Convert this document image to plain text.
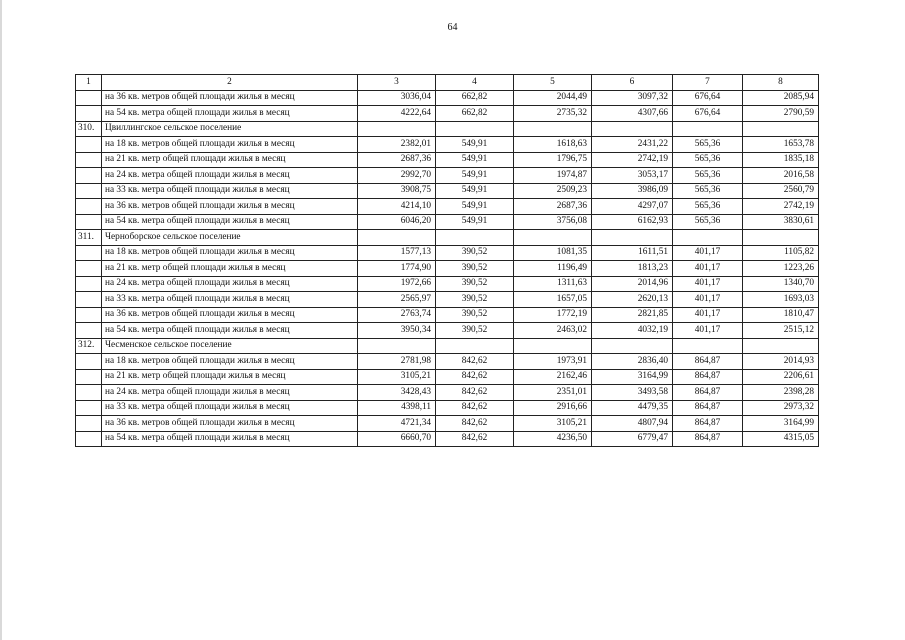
64
1	2	3	4	5	6	7	8
	на 36 кв. метров общей площади жилья в месяц	3036,04	662,82	2044,49	3097,32	676,64	2085,94
	на 54 кв. метра общей площади жилья в месяц	4222,64	662,82	2735,32	4307,66	676,64	2790,59
310.	Цвиллингское сельское поселение						
	на 18 кв. метров общей площади жилья в месяц	2382,01	549,91	1618,63	2431,22	565,36	1653,78
	на 21 кв. метр общей площади жилья в месяц	2687,36	549,91	1796,75	2742,19	565,36	1835,18
	на 24 кв. метра общей площади жилья в месяц	2992,70	549,91	1974,87	3053,17	565,36	2016,58
	на 33 кв. метра общей площади жилья в месяц	3908,75	549,91	2509,23	3986,09	565,36	2560,79
	на 36 кв. метров общей площади жилья в месяц	4214,10	549,91	2687,36	4297,07	565,36	2742,19
	на 54 кв. метра общей площади жилья в месяц	6046,20	549,91	3756,08	6162,93	565,36	3830,61
311.	Черноборское сельское поселение						
	на 18 кв. метров общей площади жилья в месяц	1577,13	390,52	1081,35	1611,51	401,17	1105,82
	на 21 кв. метр общей площади жилья в месяц	1774,90	390,52	1196,49	1813,23	401,17	1223,26
	на 24 кв. метра общей площади жилья в месяц	1972,66	390,52	1311,63	2014,96	401,17	1340,70
	на 33 кв. метра общей площади жилья в месяц	2565,97	390,52	1657,05	2620,13	401,17	1693,03
	на 36 кв. метров общей площади жилья в месяц	2763,74	390,52	1772,19	2821,85	401,17	1810,47
	на 54 кв. метра общей площади жилья в месяц	3950,34	390,52	2463,02	4032,19	401,17	2515,12
312.	Чесменское сельское поселение						
	на 18 кв. метров общей площади жилья в месяц	2781,98	842,62	1973,91	2836,40	864,87	2014,93
	на 21 кв. метр общей площади жилья в месяц	3105,21	842,62	2162,46	3164,99	864,87	2206,61
	на 24 кв. метра общей площади жилья в месяц	3428,43	842,62	2351,01	3493,58	864,87	2398,28
	на 33 кв. метра общей площади жилья в месяц	4398,11	842,62	2916,66	4479,35	864,87	2973,32
	на 36 кв. метров общей площади жилья в месяц	4721,34	842,62	3105,21	4807,94	864,87	3164,99
	на 54 кв. метра общей площади жилья в месяц	6660,70	842,62	4236,50	6779,47	864,87	4315,05
